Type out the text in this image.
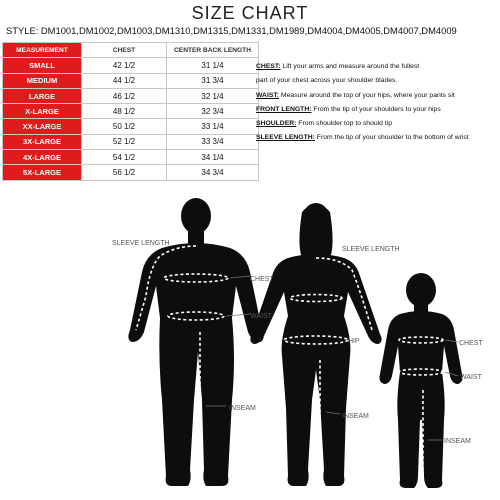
SIZE CHART
STYLE: DM1001,DM1002,DM1003,DM1310,DM1315,DM1331,DM1989,DM4004,DM4005,DM4007,DM4009
MEASUREMENT	CHEST	CENTER BACK LENGTH
SMALL	42 1/2	31 1/4
MEDIUM	44 1/2	31 3/4
LARGE	46 1/2	32 1/4
X-LARGE	48 1/2	32 3/4
XX-LARGE	50 1/2	33 1/4
3X-LARGE	52 1/2	33 3/4
4X-LARGE	54 1/2	34 1/4
5X-LARGE	56 1/2	34 3/4
CHEST: Lift your arms and measure around the fullest
part of your chest across your shoulder blades.
WAIST: Measure around the top of your hips, where your pants sit
FRONT LENGTH: From the tip of your shoulders to your hips
SHOULDER: From shoulder top to should tip
SLEEVE LENGTH: From the tip of your shoulder to the bottom of wrist
SLEEVE LENGTH
CHEST
WAIST
INSEAM
SLEEVE LENGTH
HIP
INSEAM
CHEST
WAIST
INSEAM
